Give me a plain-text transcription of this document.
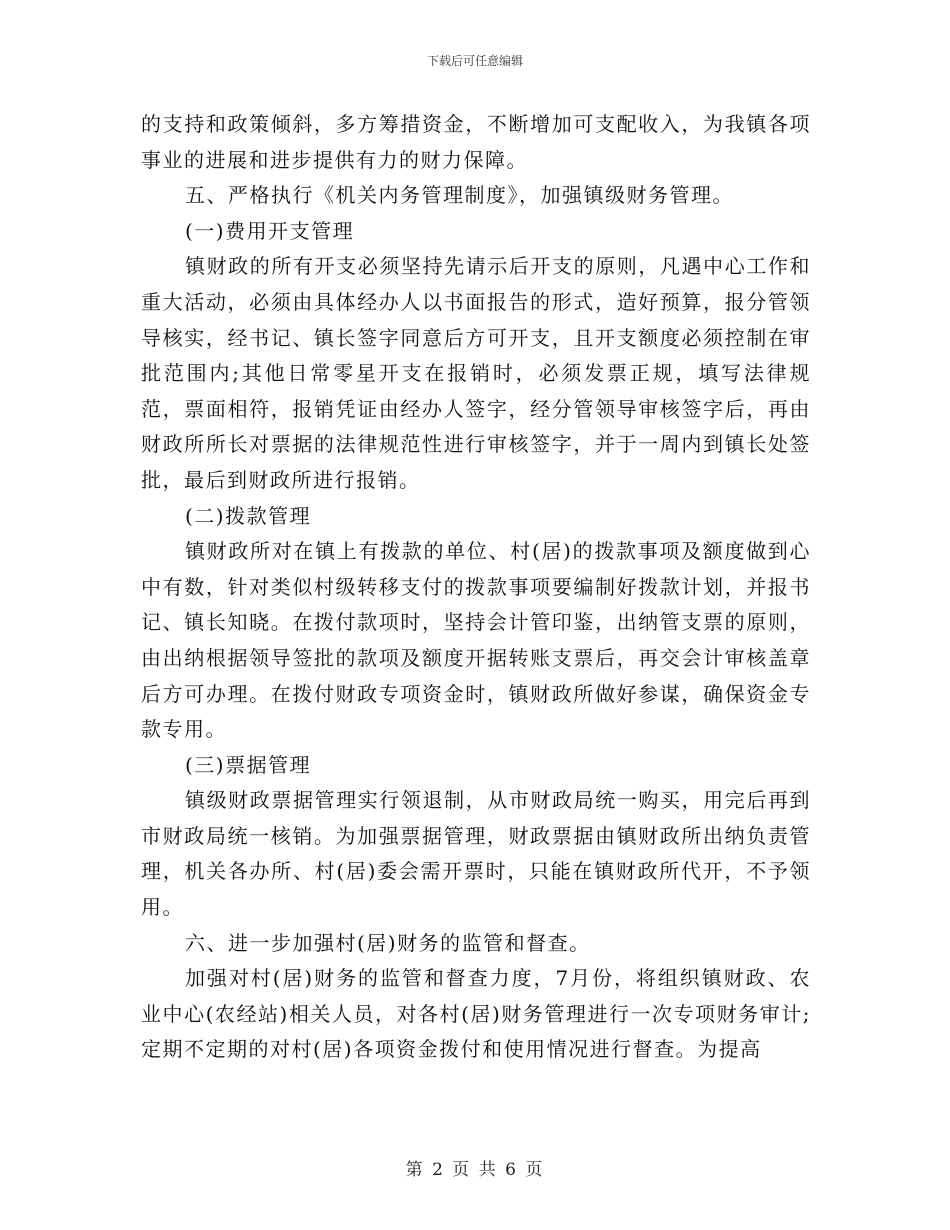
下载后可任意编辑

的支持和政策倾斜，多方筹措资金，不断增加可支配收入，为我镇各项事业的进展和进步提供有力的财力保障。

五、严格执行《机关内务管理制度》，加强镇级财务管理。

(一)费用开支管理

镇财政的所有开支必须坚持先请示后开支的原则，凡遇中心工作和重大活动，必须由具体经办人以书面报告的形式，造好预算，报分管领导核实，经书记、镇长签字同意后方可开支，且开支额度必须控制在审批范围内;其他日常零星开支在报销时，必须发票正规，填写法律规范，票面相符，报销凭证由经办人签字，经分管领导审核签字后，再由财政所所长对票据的法律规范性进行审核签字，并于一周内到镇长处签批，最后到财政所进行报销。

(二)拨款管理

镇财政所对在镇上有拨款的单位、村(居)的拨款事项及额度做到心中有数，针对类似村级转移支付的拨款事项要编制好拨款计划，并报书记、镇长知晓。在拨付款项时，坚持会计管印鉴，出纳管支票的原则，由出纳根据领导签批的款项及额度开据转账支票后，再交会计审核盖章后方可办理。在拨付财政专项资金时，镇财政所做好参谋，确保资金专款专用。

(三)票据管理

镇级财政票据管理实行领退制，从市财政局统一购买，用完后再到市财政局统一核销。为加强票据管理，财政票据由镇财政所出纳负责管理，机关各办所、村(居)委会需开票时，只能在镇财政所代开，不予领用。

六、进一步加强村(居)财务的监管和督查。

加强对村(居)财务的监管和督查力度，7月份，将组织镇财政、农业中心(农经站)相关人员，对各村(居)财务管理进行一次专项财务审计;定期不定期的对村(居)各项资金拨付和使用情况进行督查。为提高

第 2 页 共 6 页
